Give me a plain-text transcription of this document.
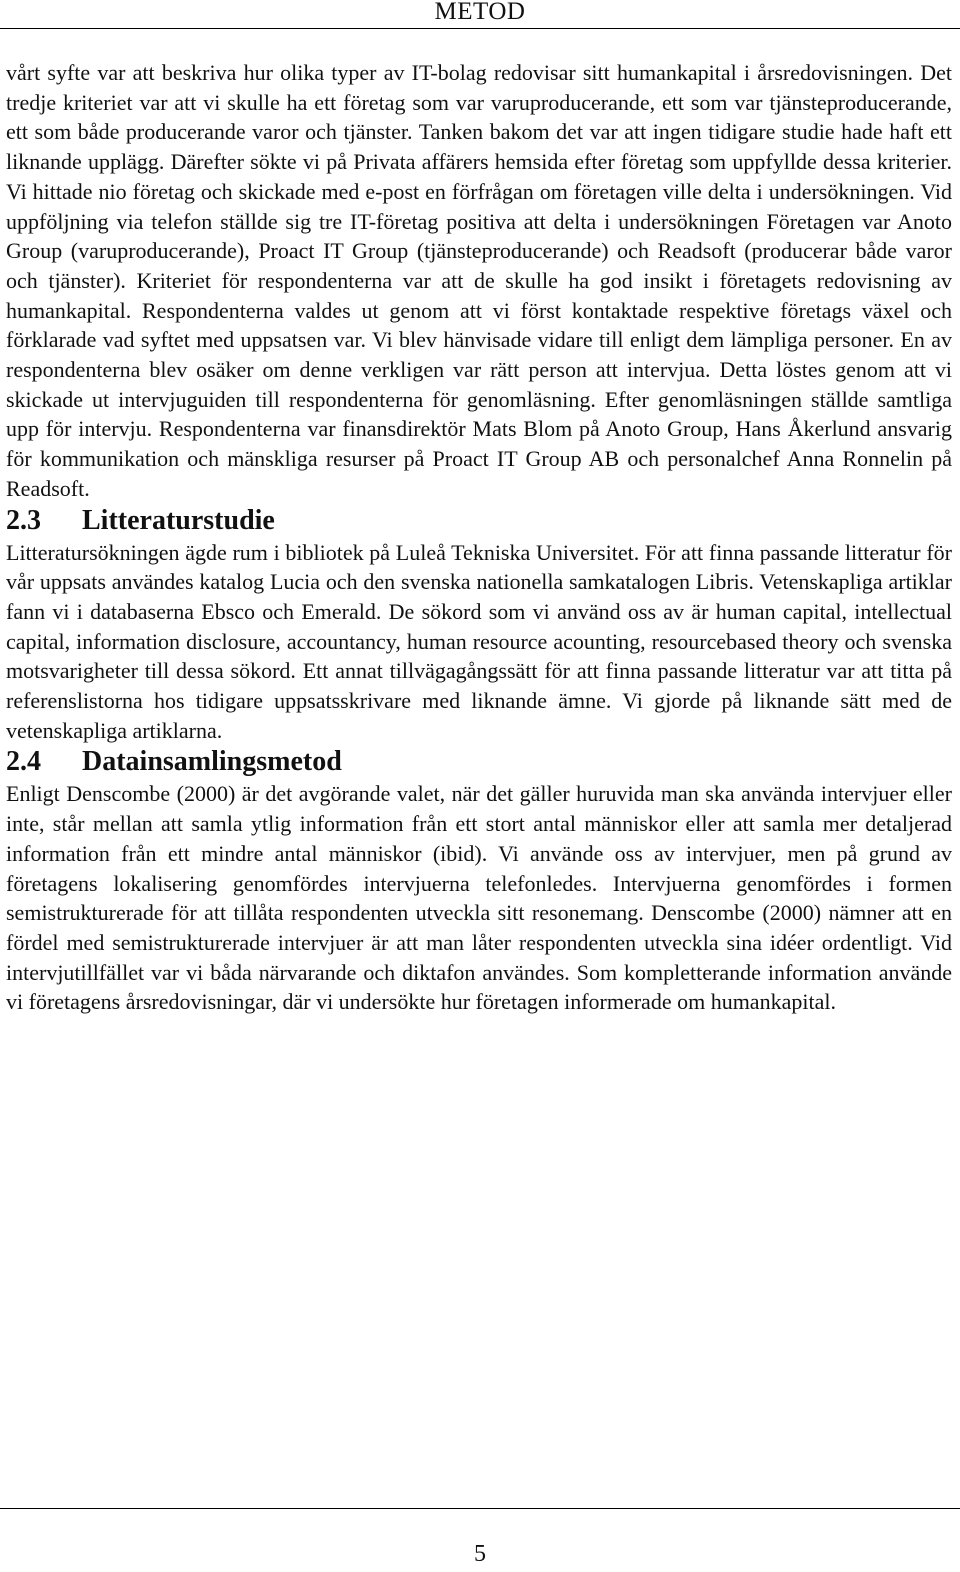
METOD

vårt syfte var att beskriva hur olika typer av IT-bolag redovisar sitt humankapital i årsredovisningen. Det tredje kriteriet var att vi skulle ha ett företag som var varuproducerande, ett som var tjänsteproducerande, ett som både producerande varor och tjänster. Tanken bakom det var att ingen tidigare studie hade haft ett liknande upplägg. Därefter sökte vi på Privata affärers hemsida efter företag som uppfyllde dessa kriterier. Vi hittade nio företag och skickade med e-post en förfrågan om företagen ville delta i undersökningen. Vid uppföljning via telefon ställde sig tre IT-företag positiva att delta i undersökningen Företagen var Anoto Group (varuproducerande), Proact IT Group (tjänsteproducerande) och Readsoft (producerar både varor och tjänster). Kriteriet för respondenterna var att de skulle ha god insikt i företagets redovisning av humankapital. Respondenterna valdes ut genom att vi först kontaktade respektive företags växel och förklarade vad syftet med uppsatsen var. Vi blev hänvisade vidare till enligt dem lämpliga personer. En av respondenterna blev osäker om denne verkligen var rätt person att intervjua. Detta löstes genom att vi skickade ut intervjuguiden till respondenterna för genomläsning. Efter genomläsningen ställde samtliga upp för intervju. Respondenterna var finansdirektör Mats Blom på Anoto Group, Hans Åkerlund ansvarig för kommunikation och mänskliga resurser på Proact IT Group AB och personalchef Anna Ronnelin på Readsoft.

2.3	Litteraturstudie

Litteratursökningen ägde rum i bibliotek på Luleå Tekniska Universitet. För att finna passande litteratur för vår uppsats användes katalog Lucia och den svenska nationella samkatalogen Libris. Vetenskapliga artiklar fann vi i databaserna Ebsco och Emerald. De sökord som vi använd oss av är human capital, intellectual capital, information disclosure, accountancy, human resource acounting, resourcebased theory och svenska motsvarigheter till dessa sökord. Ett annat tillvägagångssätt för att finna passande litteratur var att titta på referenslistorna hos tidigare uppsatsskrivare med liknande ämne. Vi gjorde på liknande sätt med de vetenskapliga artiklarna.

2.4	Datainsamlingsmetod

Enligt Denscombe (2000) är det avgörande valet, när det gäller huruvida man ska använda intervjuer eller inte, står mellan att samla ytlig information från ett stort antal människor eller att samla mer detaljerad information från ett mindre antal människor (ibid). Vi använde oss av intervjuer, men på grund av företagens lokalisering genomfördes intervjuerna telefonledes. Intervjuerna genomfördes i formen semistrukturerade för att tillåta respondenten utveckla sitt resonemang. Denscombe (2000) nämner att en fördel med semistrukturerade intervjuer är att man låter respondenten utveckla sina idéer ordentligt. Vid intervjutillfället var vi båda närvarande och diktafon användes. Som kompletterande information använde vi företagens årsredovisningar, där vi undersökte hur företagen informerade om humankapital.

5
